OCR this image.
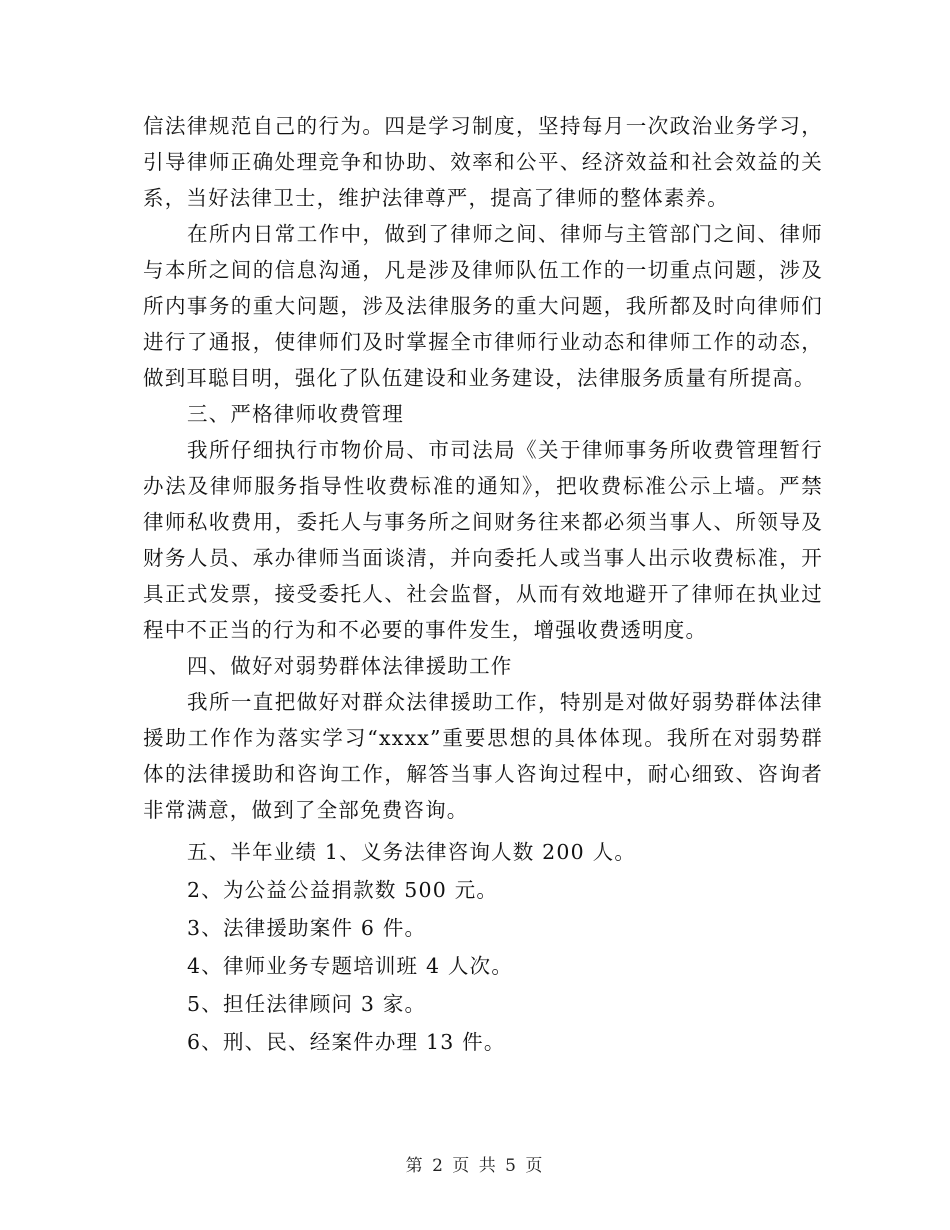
信法律规范自己的行为。四是学习制度，坚持每月一次政治业务学习，引导律师正确处理竞争和协助、效率和公平、经济效益和社会效益的关系，当好法律卫士，维护法律尊严，提高了律师的整体素养。

在所内日常工作中，做到了律师之间、律师与主管部门之间、律师与本所之间的信息沟通，凡是涉及律师队伍工作的一切重点问题，涉及所内事务的重大问题，涉及法律服务的重大问题，我所都及时向律师们进行了通报，使律师们及时掌握全市律师行业动态和律师工作的动态，做到耳聪目明，强化了队伍建设和业务建设，法律服务质量有所提高。

三、严格律师收费管理

我所仔细执行市物价局、市司法局《关于律师事务所收费管理暂行办法及律师服务指导性收费标准的通知》，把收费标准公示上墙。严禁律师私收费用，委托人与事务所之间财务往来都必须当事人、所领导及财务人员、承办律师当面谈清，并向委托人或当事人出示收费标准，开具正式发票，接受委托人、社会监督，从而有效地避开了律师在执业过程中不正当的行为和不必要的事件发生，增强收费透明度。

四、做好对弱势群体法律援助工作

我所一直把做好对群众法律援助工作，特别是对做好弱势群体法律援助工作作为落实学习“xxxx”重要思想的具体体现。我所在对弱势群体的法律援助和咨询工作，解答当事人咨询过程中，耐心细致、咨询者非常满意，做到了全部免费咨询。

五、半年业绩 1、义务法律咨询人数 200 人。

2、为公益公益捐款数 500 元。

3、法律援助案件 6 件。

4、律师业务专题培训班 4 人次。

5、担任法律顾问 3 家。

6、刑、民、经案件办理 13 件。

第 2 页 共 5 页
